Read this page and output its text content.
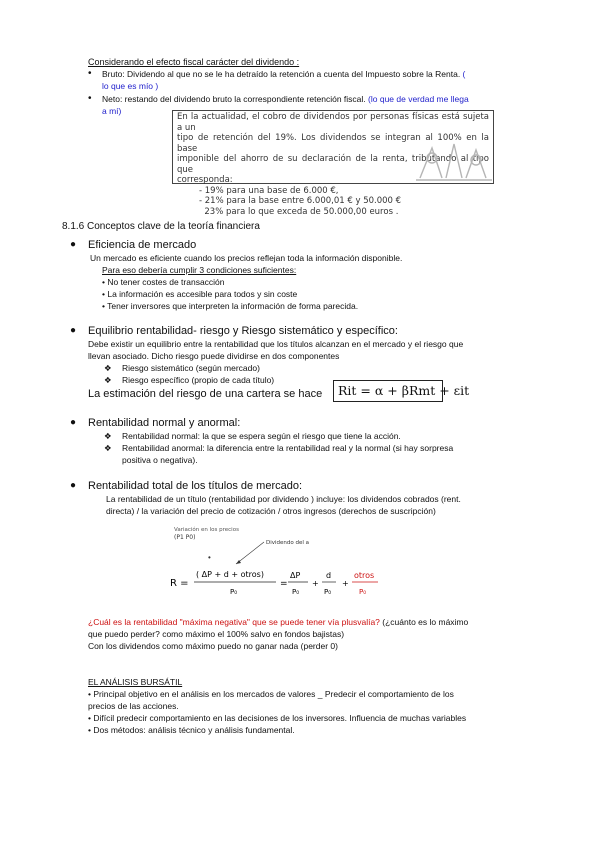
Considerando el efecto fiscal carácter del dividendo :
• Bruto: Dividendo al que no se le ha detraído la retención a cuenta del Impuesto sobre la Renta. (
lo que es mío )
• Neto: restando del dividendo bruto la correspondiente retención fiscal. (lo que de verdad me llega
a mí)
En la actualidad, el cobro de dividendos por personas físicas está sujeta a un
tipo de retención del 19%. Los dividendos se integran al 100% en la base
imponible del ahorro de su declaración de la renta, tributando al tipo que
corresponda:
- 19% para una base de 6.000 €,
- 21% para la base entre 6.000,01 € y 50.000 €
23% para lo que exceda de 50.000,00 euros .
8.1.6 Conceptos clave de la teoría financiera
● Eficiencia de mercado
Un mercado es eficiente cuando los precios reflejan toda la información disponible.
Para eso debería cumplir 3 condiciones suficientes:
• No tener costes de transacción
• La información es accesible para todos y sin coste
• Tener inversores que interpreten la información de forma parecida.
● Equilibrio rentabilidad- riesgo y Riesgo sistemático y específico:
Debe existir un equilibrio entre la rentabilidad que los títulos alcanzan en el mercado y el riesgo que
llevan asociado. Dicho riesgo puede dividirse en dos componentes
❖ Riesgo sistemático (según mercado)
❖ Riesgo específico (propio de cada título)
La estimación del riesgo de una cartera se hace	Rit = α + βRmt + εit
● Rentabilidad normal y anormal:
❖ Rentabilidad normal: la que se espera según el riesgo que tiene la acción.
❖ Rentabilidad anormal: la diferencia entre la rentabilidad real y la normal (si hay sorpresa
positiva o negativa).
● Rentabilidad total de los títulos de mercado:
La rentabilidad de un título (rentabilidad por dividendo ) incluye: los dividendos cobrados (rent.
directa) / la variación del precio de cotización / otros ingresos (derechos de suscripción)
Variación en los precios
(P1 P0)
Dividendo del a
•
R =
( ΔP + d + otros)
P₀
=
ΔP
P₀
+
d
P₀
+
otros
P₀
¿Cuál es la rentabilidad "máxima negativa" que se puede tener vía plusvalía? (¿cuánto es lo máximo
que puedo perder? como máximo el 100% salvo en fondos bajistas)
Con los dividendos como máximo puedo no ganar nada (perder 0)
EL ANÁLISIS BURSÁTIL
• Principal objetivo en el análisis en los mercados de valores _ Predecir el comportamiento de los
precios de las acciones.
• Difícil predecir comportamiento en las decisiones de los inversores. Influencia de muchas variables
• Dos métodos: análisis técnico y análisis fundamental.
